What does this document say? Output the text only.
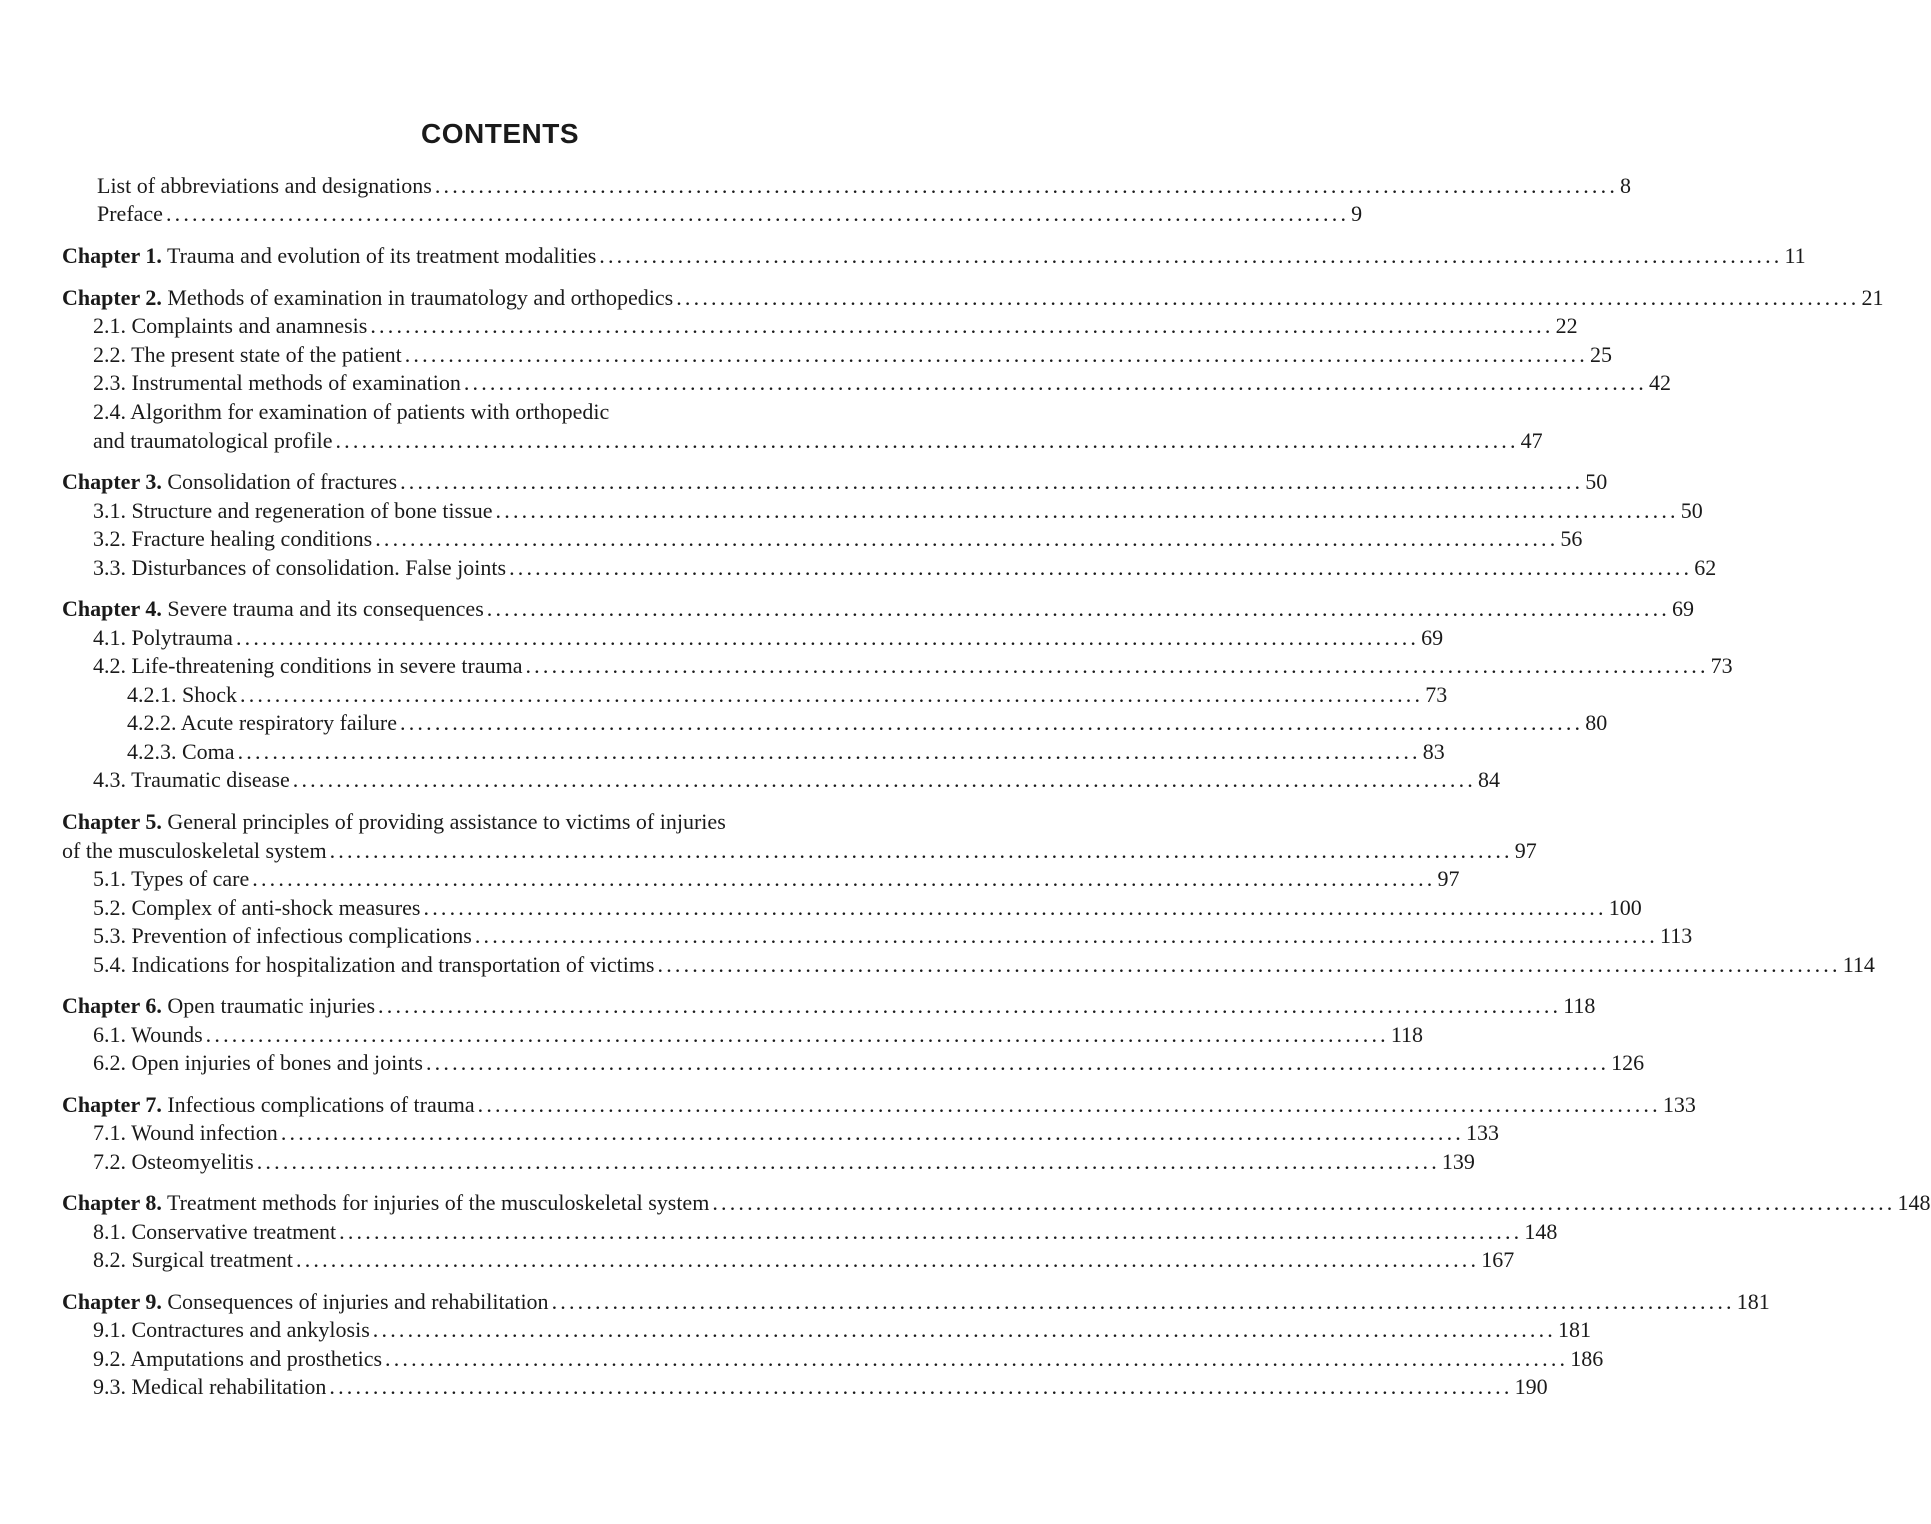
CONTENTS
List of abbreviations and designations ........................................................................................................................................ 8
Preface ........................................................................................................................................ 9
Chapter 1. Trauma and evolution of its treatment modalities ........................................................................................................................................ 11
Chapter 2. Methods of examination in traumatology and orthopedics ........................................................................................................................................ 21
2.1. Complaints and anamnesis ........................................................................................................................................ 22
2.2. The present state of the patient ........................................................................................................................................ 25
2.3. Instrumental methods of examination ........................................................................................................................................ 42
2.4. Algorithm for examination of patients with orthopedic
and traumatological profile ........................................................................................................................................ 47
Chapter 3. Consolidation of fractures ........................................................................................................................................ 50
3.1. Structure and regeneration of bone tissue ........................................................................................................................................ 50
3.2. Fracture healing conditions ........................................................................................................................................ 56
3.3. Disturbances of consolidation. False joints ........................................................................................................................................ 62
Chapter 4. Severe trauma and its consequences ........................................................................................................................................ 69
4.1. Polytrauma ........................................................................................................................................ 69
4.2. Life-threatening conditions in severe trauma ........................................................................................................................................ 73
4.2.1. Shock ........................................................................................................................................ 73
4.2.2. Acute respiratory failure ........................................................................................................................................ 80
4.2.3. Coma ........................................................................................................................................ 83
4.3. Traumatic disease ........................................................................................................................................ 84
Chapter 5. General principles of providing assistance to victims of injuries
of the musculoskeletal system ........................................................................................................................................ 97
5.1. Types of care ........................................................................................................................................ 97
5.2. Complex of anti-shock measures ........................................................................................................................................ 100
5.3. Prevention of infectious complications ........................................................................................................................................ 113
5.4. Indications for hospitalization and transportation of victims ........................................................................................................................................ 114
Chapter 6. Open traumatic injuries ........................................................................................................................................ 118
6.1. Wounds ........................................................................................................................................ 118
6.2. Open injuries of bones and joints ........................................................................................................................................ 126
Chapter 7. Infectious complications of trauma ........................................................................................................................................ 133
7.1. Wound infection ........................................................................................................................................ 133
7.2. Osteomyelitis ........................................................................................................................................ 139
Chapter 8. Treatment methods for injuries of the musculoskeletal system ........................................................................................................................................ 148
8.1. Conservative treatment ........................................................................................................................................ 148
8.2. Surgical treatment ........................................................................................................................................ 167
Chapter 9. Consequences of injuries and rehabilitation ........................................................................................................................................ 181
9.1. Contractures and ankylosis ........................................................................................................................................ 181
9.2. Amputations and prosthetics ........................................................................................................................................ 186
9.3. Medical rehabilitation ........................................................................................................................................ 190
